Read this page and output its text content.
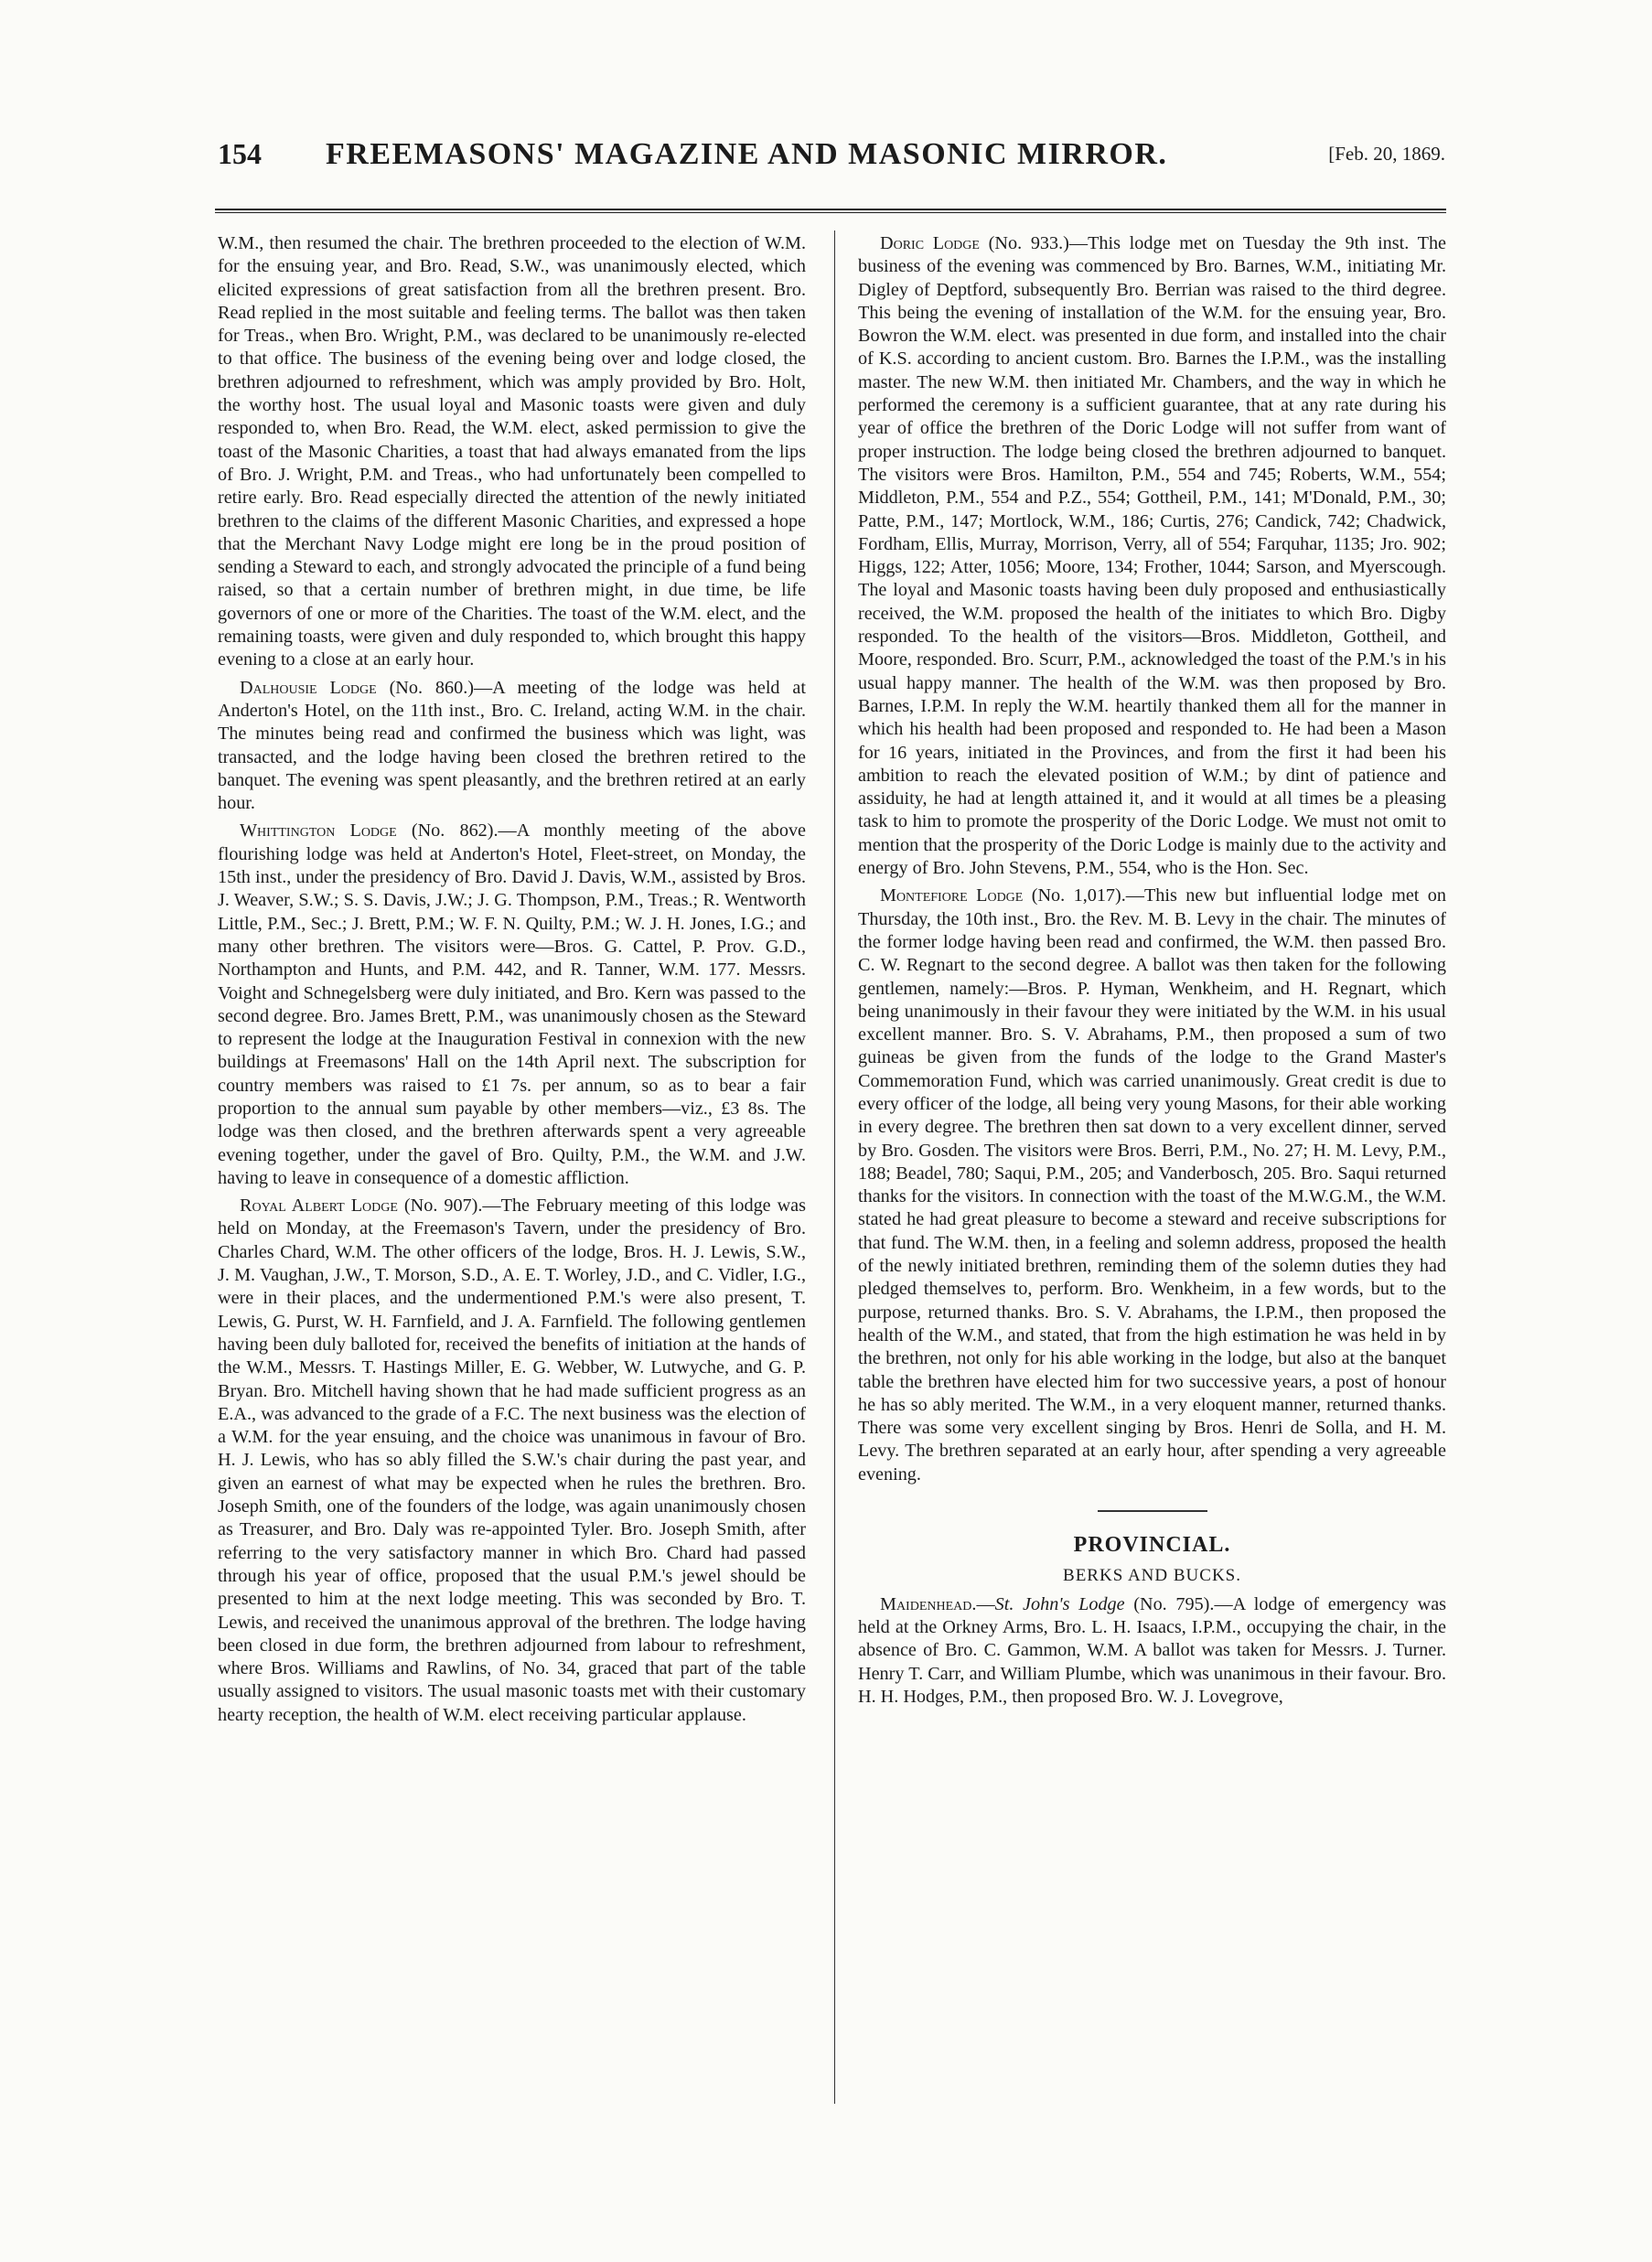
154 FREEMASONS' MAGAZINE AND MASONIC MIRROR.	[Feb. 20, 1869.

W.M., then resumed the chair. The brethren proceeded to the election of W.M. for the ensuing year, and Bro. Read, S.W., was unanimously elected, which elicited expressions of great satisfaction from all the brethren present. Bro. Read replied in the most suitable and feeling terms. The ballot was then taken for Treas., when Bro. Wright, P.M., was declared to be unanimously re-elected to that office. The business of the evening being over and lodge closed, the brethren adjourned to refreshment, which was amply provided by Bro. Holt, the worthy host. The usual loyal and Masonic toasts were given and duly responded to, when Bro. Read, the W.M. elect, asked permission to give the toast of the Masonic Charities, a toast that had always emanated from the lips of Bro. J. Wright, P.M. and Treas., who had unfortunately been compelled to retire early. Bro. Read especially directed the attention of the newly initiated brethren to the claims of the different Masonic Charities, and expressed a hope that the Merchant Navy Lodge might ere long be in the proud position of sending a Steward to each, and strongly advocated the principle of a fund being raised, so that a certain number of brethren might, in due time, be life governors of one or more of the Charities. The toast of the W.M. elect, and the remaining toasts, were given and duly responded to, which brought this happy evening to a close at an early hour.

Dalhousie Lodge (No. 860.)—A meeting of the lodge was held at Anderton's Hotel, on the 11th inst., Bro. C. Ireland, acting W.M. in the chair. The minutes being read and confirmed the business which was light, was transacted, and the lodge having been closed the brethren retired to the banquet. The evening was spent pleasantly, and the brethren retired at an early hour.

Whittington Lodge (No. 862).—A monthly meeting of the above flourishing lodge was held at Anderton's Hotel, Fleet-street, on Monday, the 15th inst., under the presidency of Bro. David J. Davis, W.M., assisted by Bros. J. Weaver, S.W.; S. S. Davis, J.W.; J. G. Thompson, P.M., Treas.; R. Wentworth Little, P.M., Sec.; J. Brett, P.M.; W. F. N. Quilty, P.M.; W. J. H. Jones, I.G.; and many other brethren. The visitors were—Bros. G. Cattel, P. Prov. G.D., Northampton and Hunts, and P.M. 442, and R. Tanner, W.M. 177. Messrs. Voight and Schnegelsberg were duly initiated, and Bro. Kern was passed to the second degree. Bro. James Brett, P.M., was unanimously chosen as the Steward to represent the lodge at the Inauguration Festival in connexion with the new buildings at Freemasons' Hall on the 14th April next. The subscription for country members was raised to £1 7s. per annum, so as to bear a fair proportion to the annual sum payable by other members—viz., £3 8s. The lodge was then closed, and the brethren afterwards spent a very agreeable evening together, under the gavel of Bro. Quilty, P.M., the W.M. and J.W. having to leave in consequence of a domestic affliction.

Royal Albert Lodge (No. 907).—The February meeting of this lodge was held on Monday, at the Freemason's Tavern, under the presidency of Bro. Charles Chard, W.M. The other officers of the lodge, Bros. H. J. Lewis, S.W., J. M. Vaughan, J.W., T. Morson, S.D., A. E. T. Worley, J.D., and C. Vidler, I.G., were in their places, and the undermentioned P.M.'s were also present, T. Lewis, G. Purst, W. H. Farnfield, and J. A. Farnfield. The following gentlemen having been duly balloted for, received the benefits of initiation at the hands of the W.M., Messrs. T. Hastings Miller, E. G. Webber, W. Lutwyche, and G. P. Bryan. Bro. Mitchell having shown that he had made sufficient progress as an E.A., was advanced to the grade of a F.C. The next business was the election of a W.M. for the year ensuing, and the choice was unanimous in favour of Bro. H. J. Lewis, who has so ably filled the S.W.'s chair during the past year, and given an earnest of what may be expected when he rules the brethren. Bro. Joseph Smith, one of the founders of the lodge, was again unanimously chosen as Treasurer, and Bro. Daly was re-appointed Tyler. Bro. Joseph Smith, after referring to the very satisfactory manner in which Bro. Chard had passed through his year of office, proposed that the usual P.M.'s jewel should be presented to him at the next lodge meeting. This was seconded by Bro. T. Lewis, and received the unanimous approval of the brethren. The lodge having been closed in due form, the brethren adjourned from labour to refreshment, where Bros. Williams and Rawlins, of No. 34, graced that part of the table usually assigned to visitors. The usual masonic toasts met with their customary hearty reception, the health of W.M. elect receiving particular applause.

Doric Lodge (No. 933.)—This lodge met on Tuesday the 9th inst. The business of the evening was commenced by Bro. Barnes, W.M., initiating Mr. Digley of Deptford, subsequently Bro. Berrian was raised to the third degree. This being the evening of installation of the W.M. for the ensuing year, Bro. Bowron the W.M. elect. was presented in due form, and installed into the chair of K.S. according to ancient custom. Bro. Barnes the I.P.M., was the installing master. The new W.M. then initiated Mr. Chambers, and the way in which he performed the ceremony is a sufficient guarantee, that at any rate during his year of office the brethren of the Doric Lodge will not suffer from want of proper instruction. The lodge being closed the brethren adjourned to banquet. The visitors were Bros. Hamilton, P.M., 554 and 745; Roberts, W.M., 554; Middleton, P.M., 554 and P.Z., 554; Gottheil, P.M., 141; M'Donald, P.M., 30; Patte, P.M., 147; Mortlock, W.M., 186; Curtis, 276; Candick, 742; Chadwick, Fordham, Ellis, Murray, Morrison, Verry, all of 554; Farquhar, 1135; Jro. 902; Higgs, 122; Atter, 1056; Moore, 134; Frother, 1044; Sarson, and Myerscough. The loyal and Masonic toasts having been duly proposed and enthusiastically received, the W.M. proposed the health of the initiates to which Bro. Digby responded. To the health of the visitors—Bros. Middleton, Gottheil, and Moore, responded. Bro. Scurr, P.M., acknowledged the toast of the P.M.'s in his usual happy manner. The health of the W.M. was then proposed by Bro. Barnes, I.P.M. In reply the W.M. heartily thanked them all for the manner in which his health had been proposed and responded to. He had been a Mason for 16 years, initiated in the Provinces, and from the first it had been his ambition to reach the elevated position of W.M.; by dint of patience and assiduity, he had at length attained it, and it would at all times be a pleasing task to him to promote the prosperity of the Doric Lodge. We must not omit to mention that the prosperity of the Doric Lodge is mainly due to the activity and energy of Bro. John Stevens, P.M., 554, who is the Hon. Sec.

Montefiore Lodge (No. 1,017).—This new but influential lodge met on Thursday, the 10th inst., Bro. the Rev. M. B. Levy in the chair. The minutes of the former lodge having been read and confirmed, the W.M. then passed Bro. C. W. Regnart to the second degree. A ballot was then taken for the following gentlemen, namely:—Bros. P. Hyman, Wenkheim, and H. Regnart, which being unanimously in their favour they were initiated by the W.M. in his usual excellent manner. Bro. S. V. Abrahams, P.M., then proposed a sum of two guineas be given from the funds of the lodge to the Grand Master's Commemoration Fund, which was carried unanimously. Great credit is due to every officer of the lodge, all being very young Masons, for their able working in every degree. The brethren then sat down to a very excellent dinner, served by Bro. Gosden. The visitors were Bros. Berri, P.M., No. 27; H. M. Levy, P.M., 188; Beadel, 780; Saqui, P.M., 205; and Vanderbosch, 205. Bro. Saqui returned thanks for the visitors. In connection with the toast of the M.W.G.M., the W.M. stated he had great pleasure to become a steward and receive subscriptions for that fund. The W.M. then, in a feeling and solemn address, proposed the health of the newly initiated brethren, reminding them of the solemn duties they had pledged themselves to, perform. Bro. Wenkheim, in a few words, but to the purpose, returned thanks. Bro. S. V. Abrahams, the I.P.M., then proposed the health of the W.M., and stated, that from the high estimation he was held in by the brethren, not only for his able working in the lodge, but also at the banquet table the brethren have elected him for two successive years, a post of honour he has so ably merited. The W.M., in a very eloquent manner, returned thanks. There was some very excellent singing by Bros. Henri de Solla, and H. M. Levy. The brethren separated at an early hour, after spending a very agreeable evening.

PROVINCIAL.
BERKS AND BUCKS.

Maidenhead.—St. John's Lodge (No. 795).—A lodge of emergency was held at the Orkney Arms, Bro. L. H. Isaacs, I.P.M., occupying the chair, in the absence of Bro. C. Gammon, W.M. A ballot was taken for Messrs. J. Turner. Henry T. Carr, and William Plumbe, which was unanimous in their favour. Bro. H. H. Hodges, P.M., then proposed Bro. W. J. Lovegrove,
